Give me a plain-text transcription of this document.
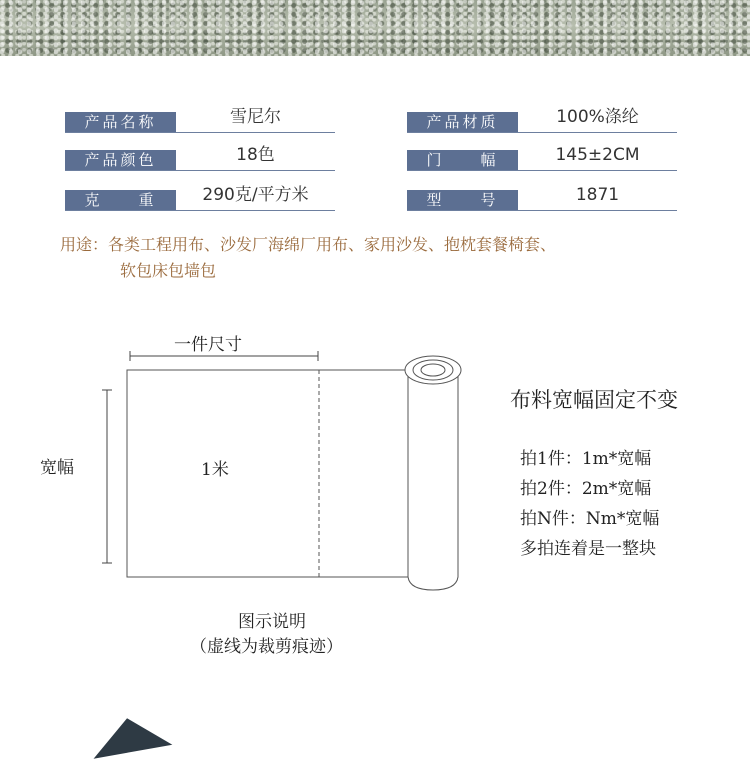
产品名称	雪尼尔
产品颜色	18色
克　　重	290克/平方米
产品材质	100%涤纶
门　　幅	145±2CM
型　　号	1871
用途：各类工程用布、沙发厂海绵厂用布、家用沙发、抱枕套餐椅套、
软包床包墙包
一件尺寸
宽幅	1米
图示说明
（虚线为裁剪痕迹）
布料宽幅固定不变
拍1件：1m*宽幅
拍2件：2m*宽幅
拍N件：Nm*宽幅
多拍连着是一整块
